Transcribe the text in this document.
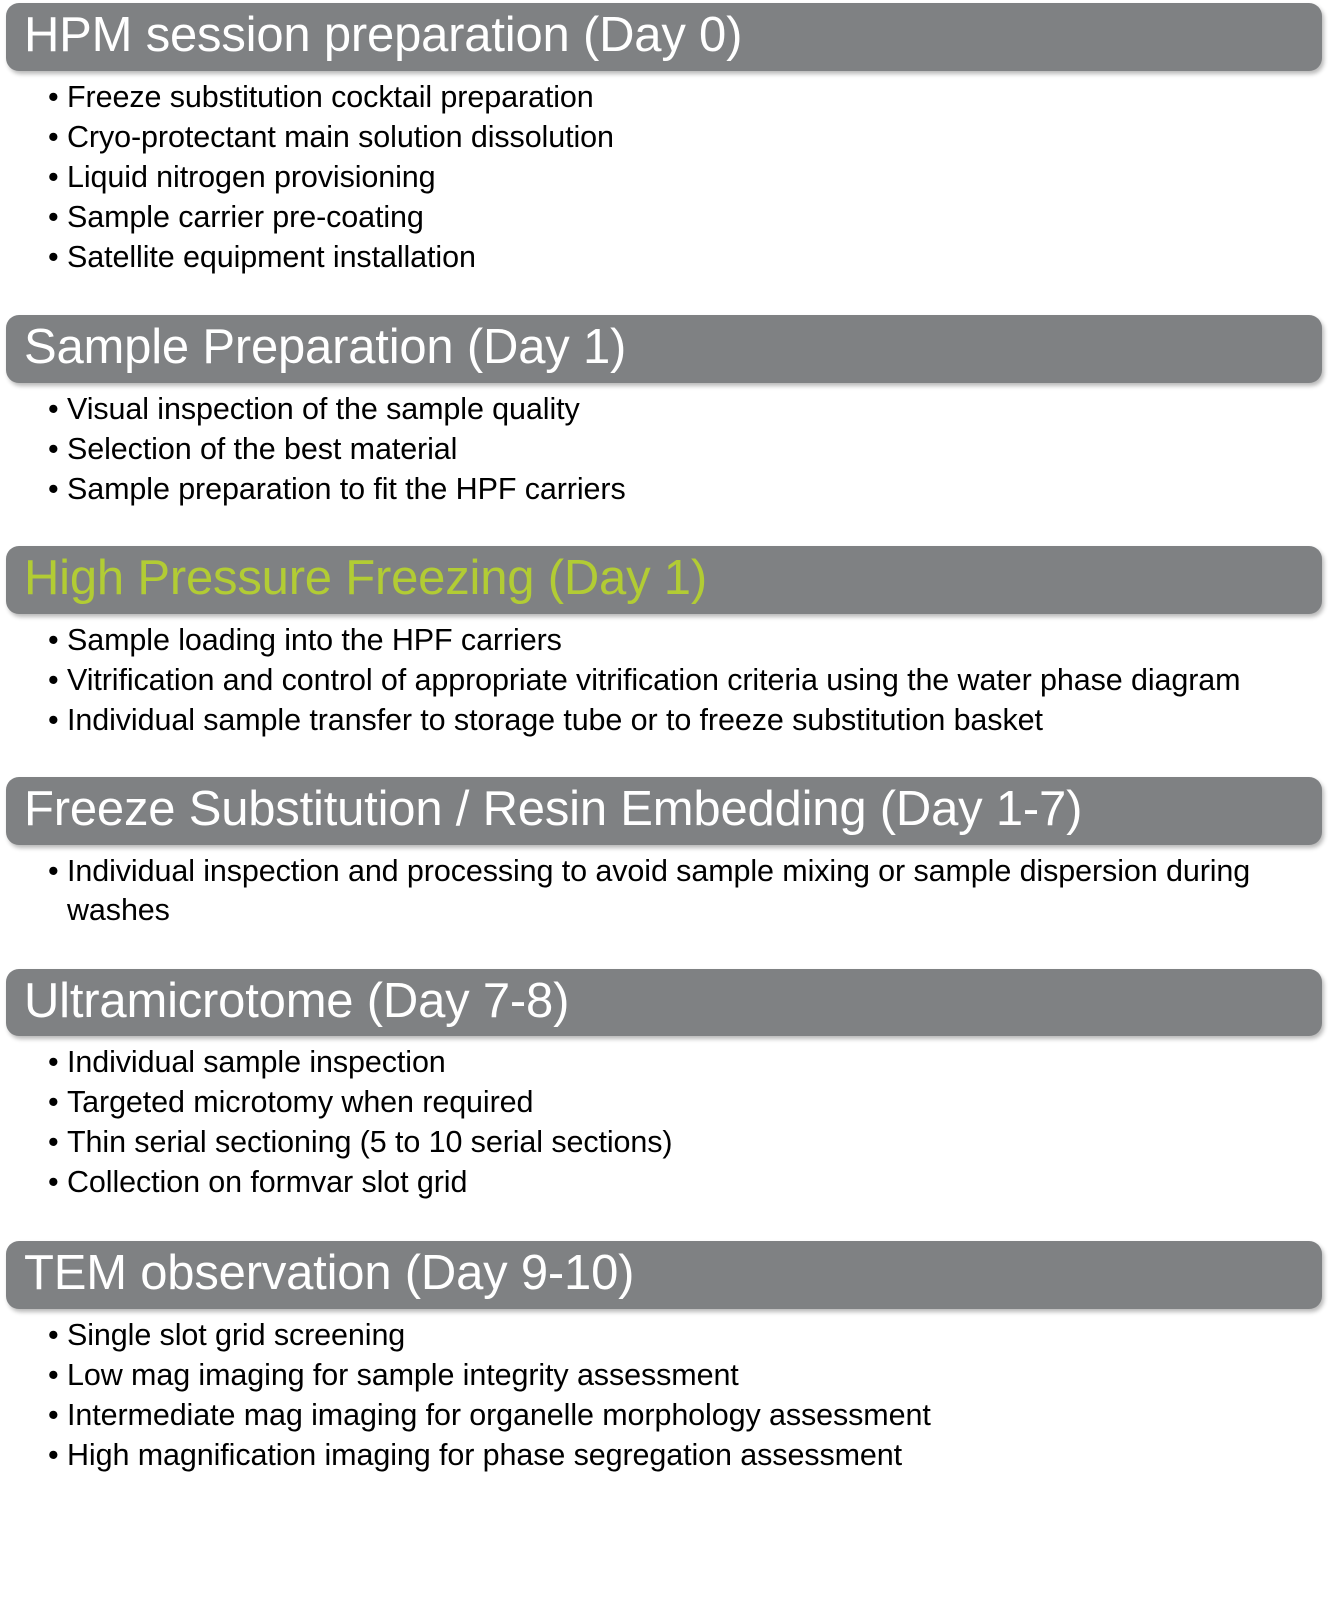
HPM session preparation (Day 0)
• Freeze substitution cocktail preparation
• Cryo-protectant main solution dissolution
• Liquid nitrogen provisioning
• Sample carrier pre-coating
• Satellite equipment installation
Sample Preparation (Day 1)
• Visual inspection of the sample quality
• Selection of the best material
• Sample preparation to fit the HPF carriers
High Pressure Freezing (Day 1)
• Sample loading into the HPF carriers
• Vitrification and control of appropriate vitrification criteria using the water phase diagram
• Individual sample transfer to storage tube or to freeze substitution basket
Freeze Substitution / Resin Embedding (Day 1-7)
• Individual inspection and processing to avoid sample mixing or sample dispersion during washes
Ultramicrotome (Day 7-8)
• Individual sample inspection
• Targeted microtomy when required
• Thin serial sectioning (5 to 10 serial sections)
• Collection on formvar slot grid
TEM observation (Day 9-10)
• Single slot grid screening
• Low mag imaging for sample integrity assessment
• Intermediate mag imaging for organelle morphology assessment
• High magnification imaging for phase segregation assessment
